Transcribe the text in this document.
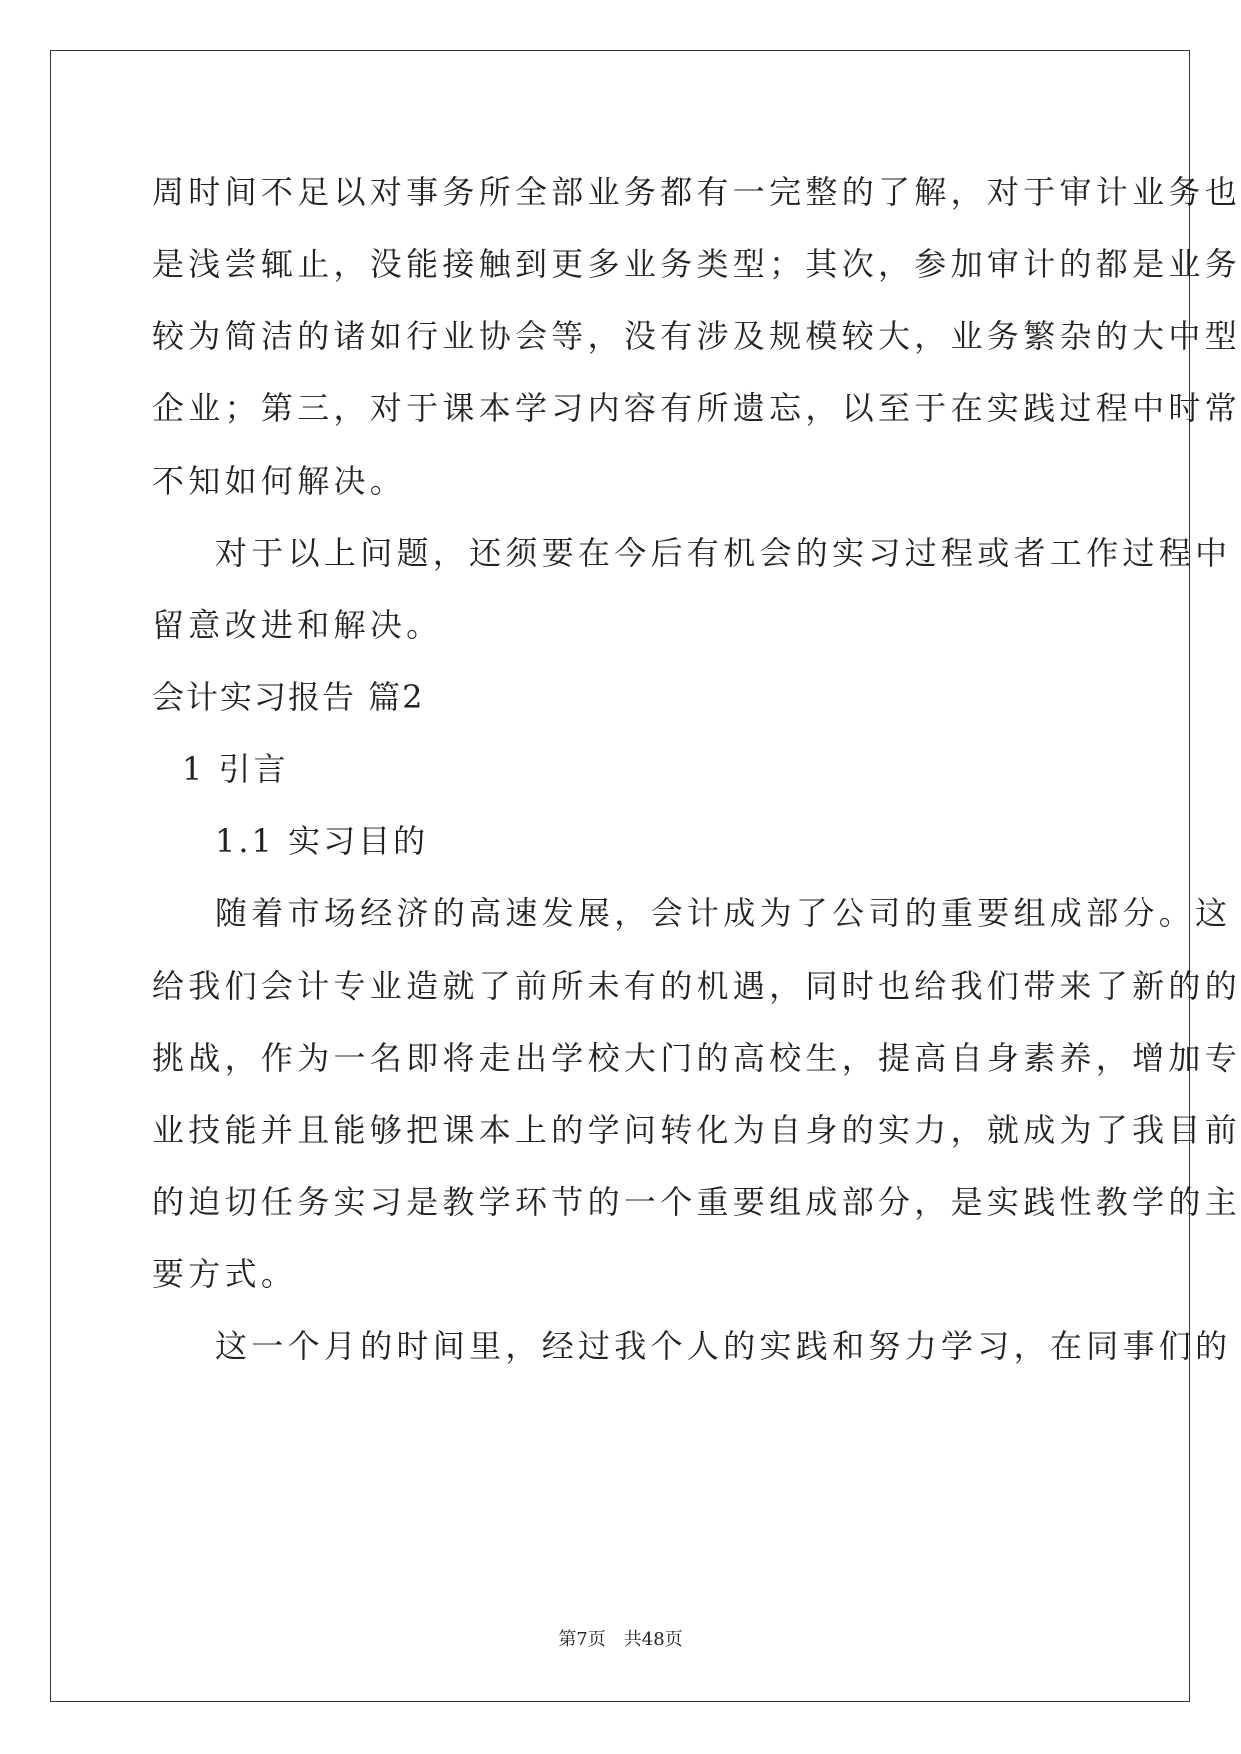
周时间不足以对事务所全部业务都有一完整的了解，对于审计业务也
是浅尝辄止，没能接触到更多业务类型；其次，参加审计的都是业务
较为简洁的诸如行业协会等，没有涉及规模较大，业务繁杂的大中型
企业；第三，对于课本学习内容有所遗忘，以至于在实践过程中时常
不知如何解决。
对于以上问题，还须要在今后有机会的实习过程或者工作过程中
留意改进和解决。
会计实习报告 篇2
1 引言
1.1 实习目的
随着市场经济的高速发展，会计成为了公司的重要组成部分。这
给我们会计专业造就了前所未有的机遇，同时也给我们带来了新的的
挑战，作为一名即将走出学校大门的高校生，提高自身素养，增加专
业技能并且能够把课本上的学问转化为自身的实力，就成为了我目前
的迫切任务实习是教学环节的一个重要组成部分，是实践性教学的主
要方式。
这一个月的时间里，经过我个人的实践和努力学习，在同事们的
第7页 共48页
